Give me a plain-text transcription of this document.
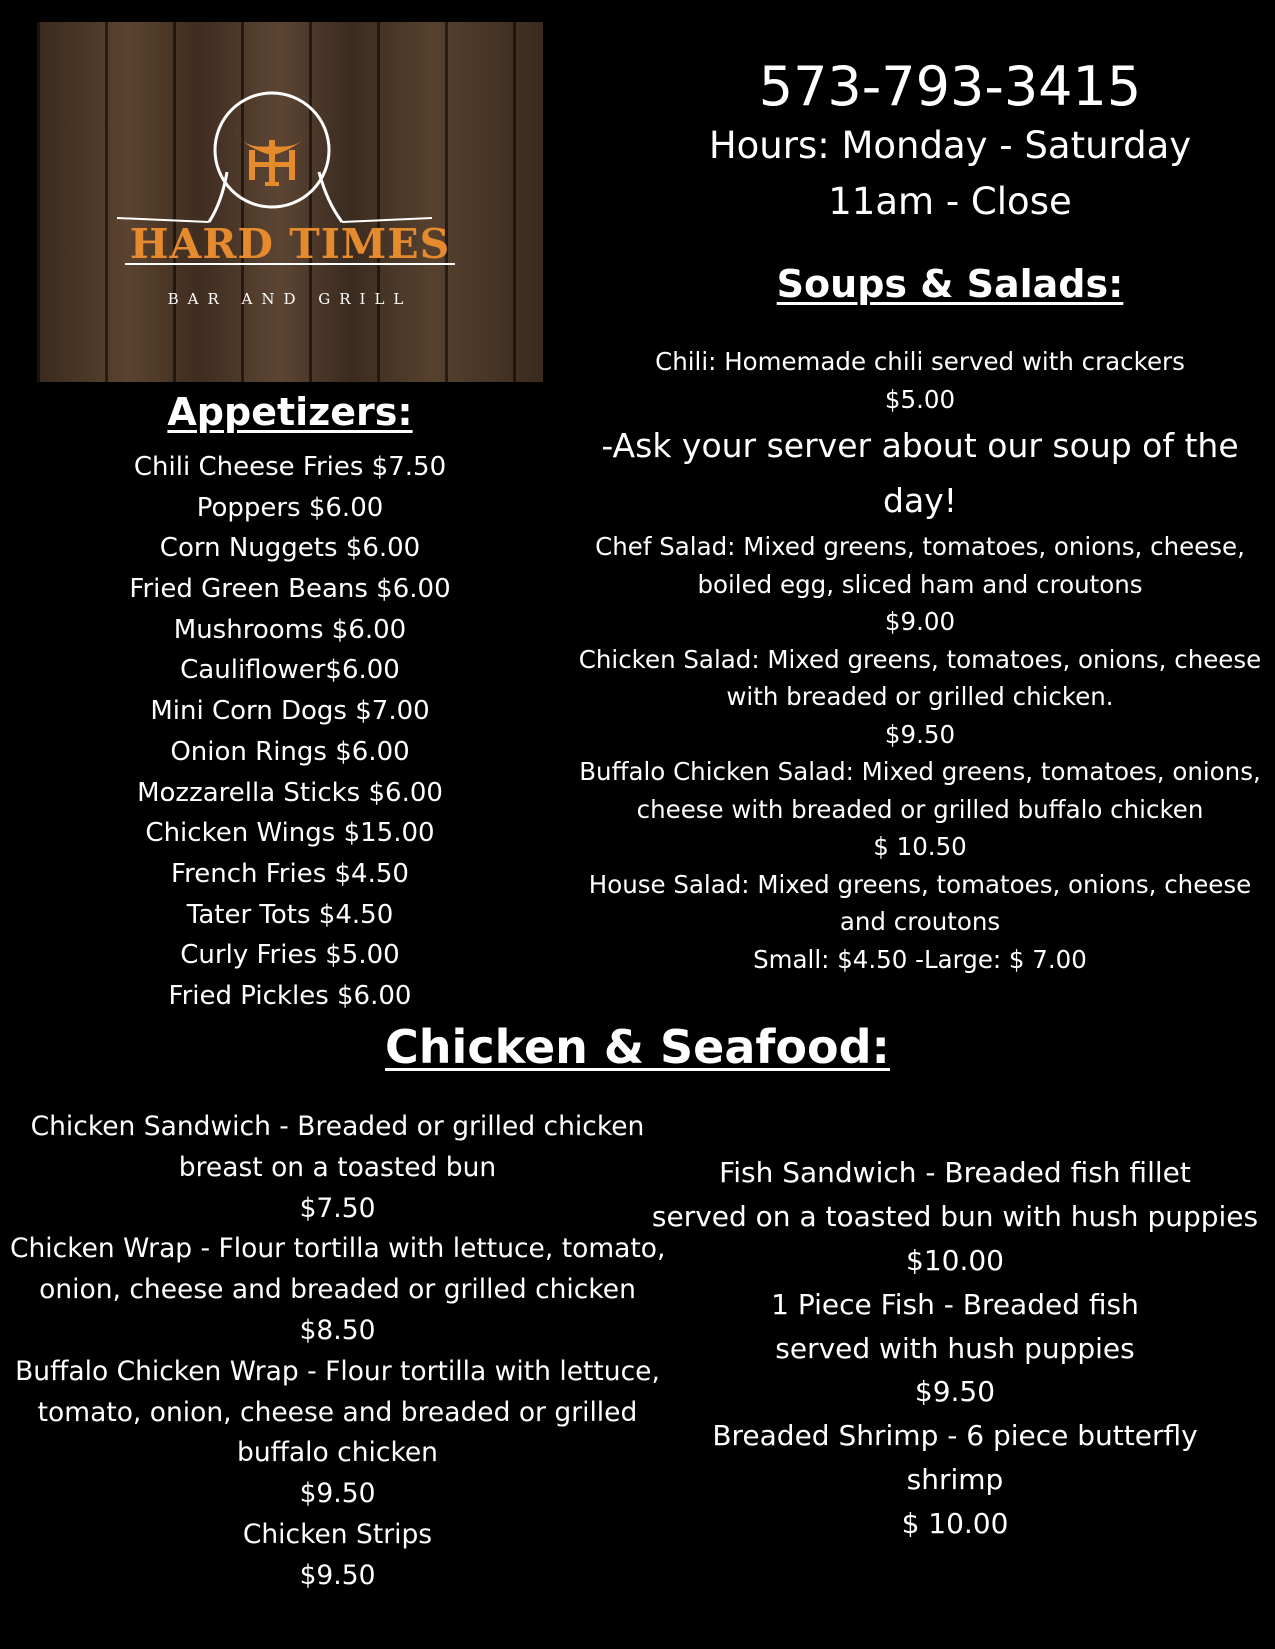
HARD TIMES
BAR AND GRILL
573-793-3415
Hours: Monday - Saturday
11am - Close
Soups & Salads:
Chili: Homemade chili served with crackers
$5.00
-Ask your server about our soup of the
day!
Chef Salad: Mixed greens, tomatoes, onions, cheese,
boiled egg, sliced ham and croutons
$9.00
Chicken Salad: Mixed greens, tomatoes, onions, cheese
with breaded or grilled chicken.
$9.50
Buffalo Chicken Salad: Mixed greens, tomatoes, onions,
cheese with breaded or grilled buffalo chicken
$ 10.50
House Salad: Mixed greens, tomatoes, onions, cheese
and croutons
Small: $4.50 -Large: $ 7.00
Appetizers:
Chili Cheese Fries $7.50
Poppers $6.00
Corn Nuggets $6.00
Fried Green Beans $6.00
Mushrooms $6.00
Cauliflower$6.00
Mini Corn Dogs $7.00
Onion Rings $6.00
Mozzarella Sticks $6.00
Chicken Wings $15.00
French Fries $4.50
Tater Tots $4.50
Curly Fries $5.00
Fried Pickles $6.00
Chicken & Seafood:
Chicken Sandwich - Breaded or grilled chicken
breast on a toasted bun
$7.50
Chicken Wrap - Flour tortilla with lettuce, tomato,
onion, cheese and breaded or grilled chicken
$8.50
Buffalo Chicken Wrap - Flour tortilla with lettuce,
tomato, onion, cheese and breaded or grilled
buffalo chicken
$9.50
Chicken Strips
$9.50
Fish Sandwich - Breaded fish fillet
served on a toasted bun with hush puppies
$10.00
1 Piece Fish - Breaded fish
served with hush puppies
$9.50
Breaded Shrimp - 6 piece butterfly
shrimp
$ 10.00
